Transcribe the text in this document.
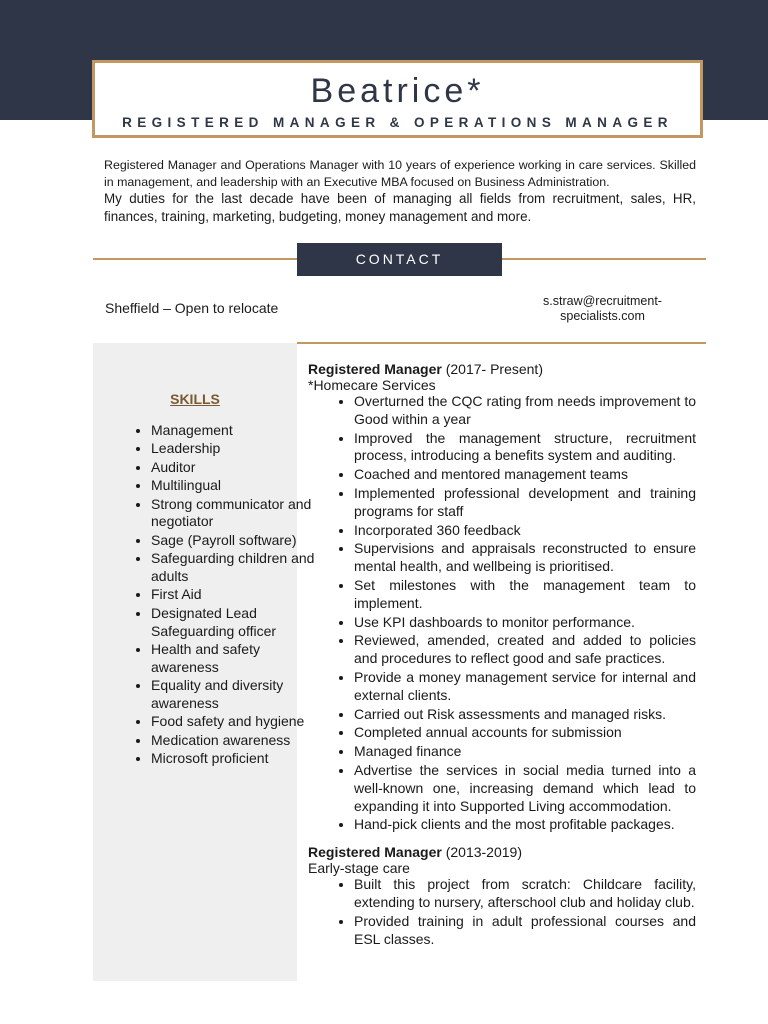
Beatrice*
REGISTERED MANAGER & OPERATIONS MANAGER

Registered Manager and Operations Manager with 10 years of experience working in care services. Skilled in management, and leadership with an Executive MBA focused on Business Administration.

My duties for the last decade have been of managing all fields from recruitment, sales, HR, finances, training, marketing, budgeting, money management and more.

CONTACT
Sheffield – Open to relocate	s.straw@recruitment-specialists.com
SKILLS
• Management
• Leadership
• Auditor
• Multilingual
• Strong communicator and negotiator
• Sage (Payroll software)
• Safeguarding children and adults
• First Aid
• Designated Lead Safeguarding officer
• Health and safety awareness
• Equality and diversity awareness
• Food safety and hygiene
• Medication awareness
• Microsoft proficient
Registered Manager (2017- Present)
*Homecare Services
• Overturned the CQC rating from needs improvement to Good within a year
• Improved the management structure, recruitment process, introducing a benefits system and auditing.
• Coached and mentored management teams
• Implemented professional development and training programs for staff
• Incorporated 360 feedback
• Supervisions and appraisals reconstructed to ensure mental health, and wellbeing is prioritised.
• Set milestones with the management team to implement.
• Use KPI dashboards to monitor performance.
• Reviewed, amended, created and added to policies and procedures to reflect good and safe practices.
• Provide a money management service for internal and external clients.
• Carried out Risk assessments and managed risks.
• Completed annual accounts for submission
• Managed finance
• Advertise the services in social media turned into a well-known one, increasing demand which lead to expanding it into Supported Living accommodation.
• Hand-pick clients and the most profitable packages.
Registered Manager (2013-2019)
Early-stage care
• Built this project from scratch: Childcare facility, extending to nursery, afterschool club and holiday club.
• Provided training in adult professional courses and ESL classes.
